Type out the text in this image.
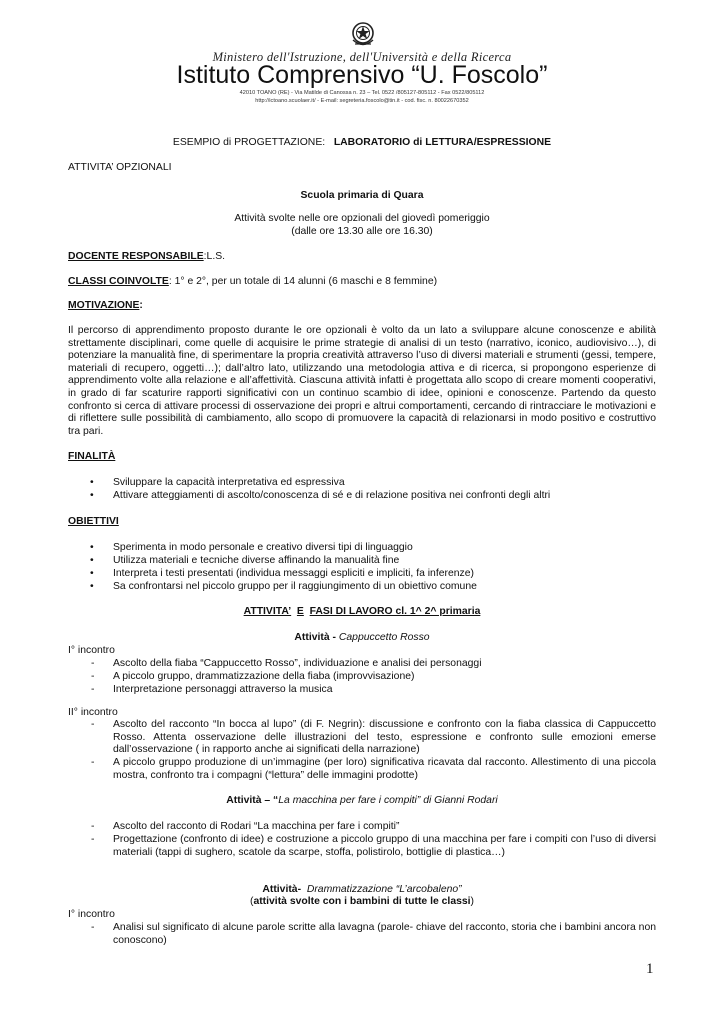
Ministero dell'Istruzione, dell'Università e della Ricerca
Istituto Comprensivo “U. Foscolo”
42010 TOANO (RE) - Via Matilde di Canossa n. 23 – Tel. 0522 /805127-805112 - Fax 0522/805112
http://ictoano.scuolaer.it/ - E-mail: segreteria.foscolo@tin.it - cod. fisc. n. 80022670352
ESEMPIO di PROGETTAZIONE: LABORATORIO di LETTURA/ESPRESSIONE
ATTIVITA’ OPZIONALI
Scuola primaria di Quara
Attività svolte nelle ore opzionali del giovedì pomeriggio
(dalle ore 13.30 alle ore 16.30)
DOCENTE RESPONSABILE:L.S.
CLASSI COINVOLTE: 1° e 2°, per un totale di 14 alunni (6 maschi e 8 femmine)
MOTIVAZIONE:
Il percorso di apprendimento proposto durante le ore opzionali è volto da un lato a sviluppare alcune conoscenze e abilità strettamente disciplinari, come quelle di acquisire le prime strategie di analisi di un testo (narrativo, iconico, audiovisivo…), di potenziare la manualità fine, di sperimentare la propria creatività attraverso l’uso di diversi materiali e strumenti (gessi, tempere, materiali di recupero, oggetti…); dall’altro lato, utilizzando una metodologia attiva e di ricerca, si propongono esperienze di apprendimento volte alla relazione e all’affettività. Ciascuna attività infatti è progettata allo scopo di creare momenti cooperativi, in grado di far scaturire rapporti significativi con un continuo scambio di idee, opinioni e conoscenze. Partendo da questo confronto si cerca di attivare processi di osservazione dei propri e altrui comportamenti, cercando di rintracciare le motivazioni e di riflettere sulle possibilità di cambiamento, allo scopo di promuovere la capacità di relazionarsi in modo positivo e costruttivo tra pari.
FINALITÀ
• Sviluppare la capacità interpretativa ed espressiva
• Attivare atteggiamenti di ascolto/conoscenza di sé e di relazione positiva nei confronti degli altri
OBIETTIVI
• Sperimenta in modo personale e creativo diversi tipi di linguaggio
• Utilizza materiali e tecniche diverse affinando la manualità fine
• Interpreta i testi presentati (individua messaggi espliciti e impliciti, fa inferenze)
• Sa confrontarsi nel piccolo gruppo per il raggiungimento di un obiettivo comune
ATTIVITA’ E FASI DI LAVORO cl. 1^ 2^ primaria
Attività - Cappuccetto Rosso
I° incontro
- Ascolto della fiaba “Cappuccetto Rosso”, individuazione e analisi dei personaggi
- A piccolo gruppo, drammatizzazione della fiaba (improvvisazione)
- Interpretazione personaggi attraverso la musica
II° incontro
- Ascolto del racconto “In bocca al lupo” (di F. Negrin): discussione e confronto con la fiaba classica di Cappuccetto Rosso. Attenta osservazione delle illustrazioni del testo, espressione e confronto sulle emozioni emerse dall’osservazione ( in rapporto anche ai significati della narrazione)
- A piccolo gruppo produzione di un’immagine (per loro) significativa ricavata dal racconto. Allestimento di una piccola mostra, confronto tra i compagni (“lettura” delle immagini prodotte)
Attività – “La macchina per fare i compiti” di Gianni Rodari
- Ascolto del racconto di Rodari “La macchina per fare i compiti”
- Progettazione (confronto di idee) e costruzione a piccolo gruppo di una macchina per fare i compiti con l’uso di diversi materiali (tappi di sughero, scatole da scarpe, stoffa, polistirolo, bottiglie di plastica…)
Attività- Drammatizzazione “L’arcobaleno”
(attività svolte con i bambini di tutte le classi)
I° incontro
- Analisi sul significato di alcune parole scritte alla lavagna (parole- chiave del racconto, storia che i bambini ancora non conoscono)
1
